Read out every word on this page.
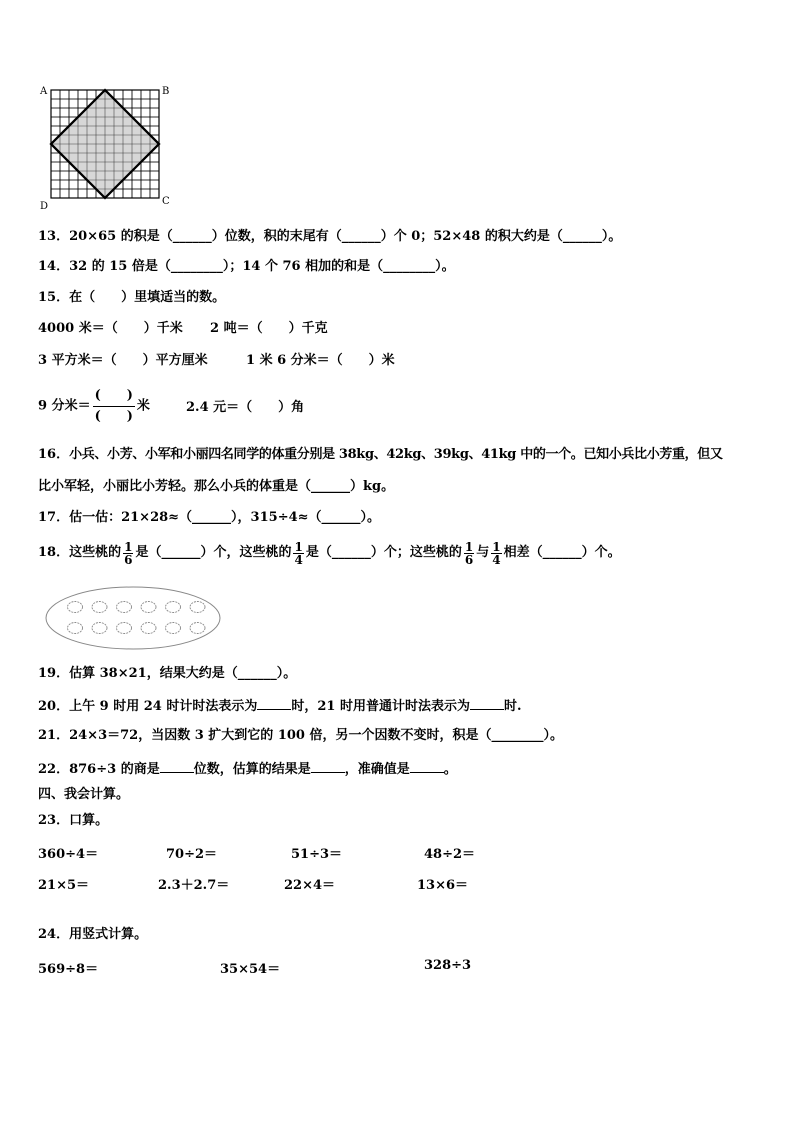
A	B
C
D
13．20×65 的积是（______）位数，积的末尾有（______）个 0；52×48 的积大约是（______）。
14．32 的 15 倍是（________）；14 个 76 相加的和是（________）。
15．在（　　）里填适当的数。
4000 米＝（　　）千米 2 吨＝（　　）千克
3 平方米＝（　　）平方厘米	1 米 6 分米＝（　　）米
9 分米＝
(　　)
(　　)
米	2.4 元＝（　　）角
16．小兵、小芳、小军和小丽四名同学的体重分别是 38kg、42kg、39kg、41kg 中的一个。已知小兵比小芳重，但又
比小军轻，小丽比小芳轻。那么小兵的体重是（______）kg。
17．估一估：21×28≈（______），315÷4≈（______）。
18．这些桃的 $\frac{1}{6}$ 是（______）个，这些桃的 $\frac{1}{4}$ 是（______）个；这些桃的 $\frac{1}{6}$ 与 $\frac{1}{4}$ 相差（______）个。
19．估算 38×21，结果大约是（______）。
20．上午 9 时用 24 时计时法表示为	时，21 时用普通计时法表示为	时.
21．24×3＝72，当因数 3 扩大到它的 100 倍，另一个因数不变时，积是（________）。
22．876÷3 的商是	位数，估算的结果是	，准确值是	。
四、我会计算。
23．口算。
360÷4＝	70÷2＝	51÷3＝	48÷2＝
21×5＝	2.3＋2.7＝	22×4＝	13×6＝
24．用竖式计算。
569÷8＝	35×54＝	328÷3
